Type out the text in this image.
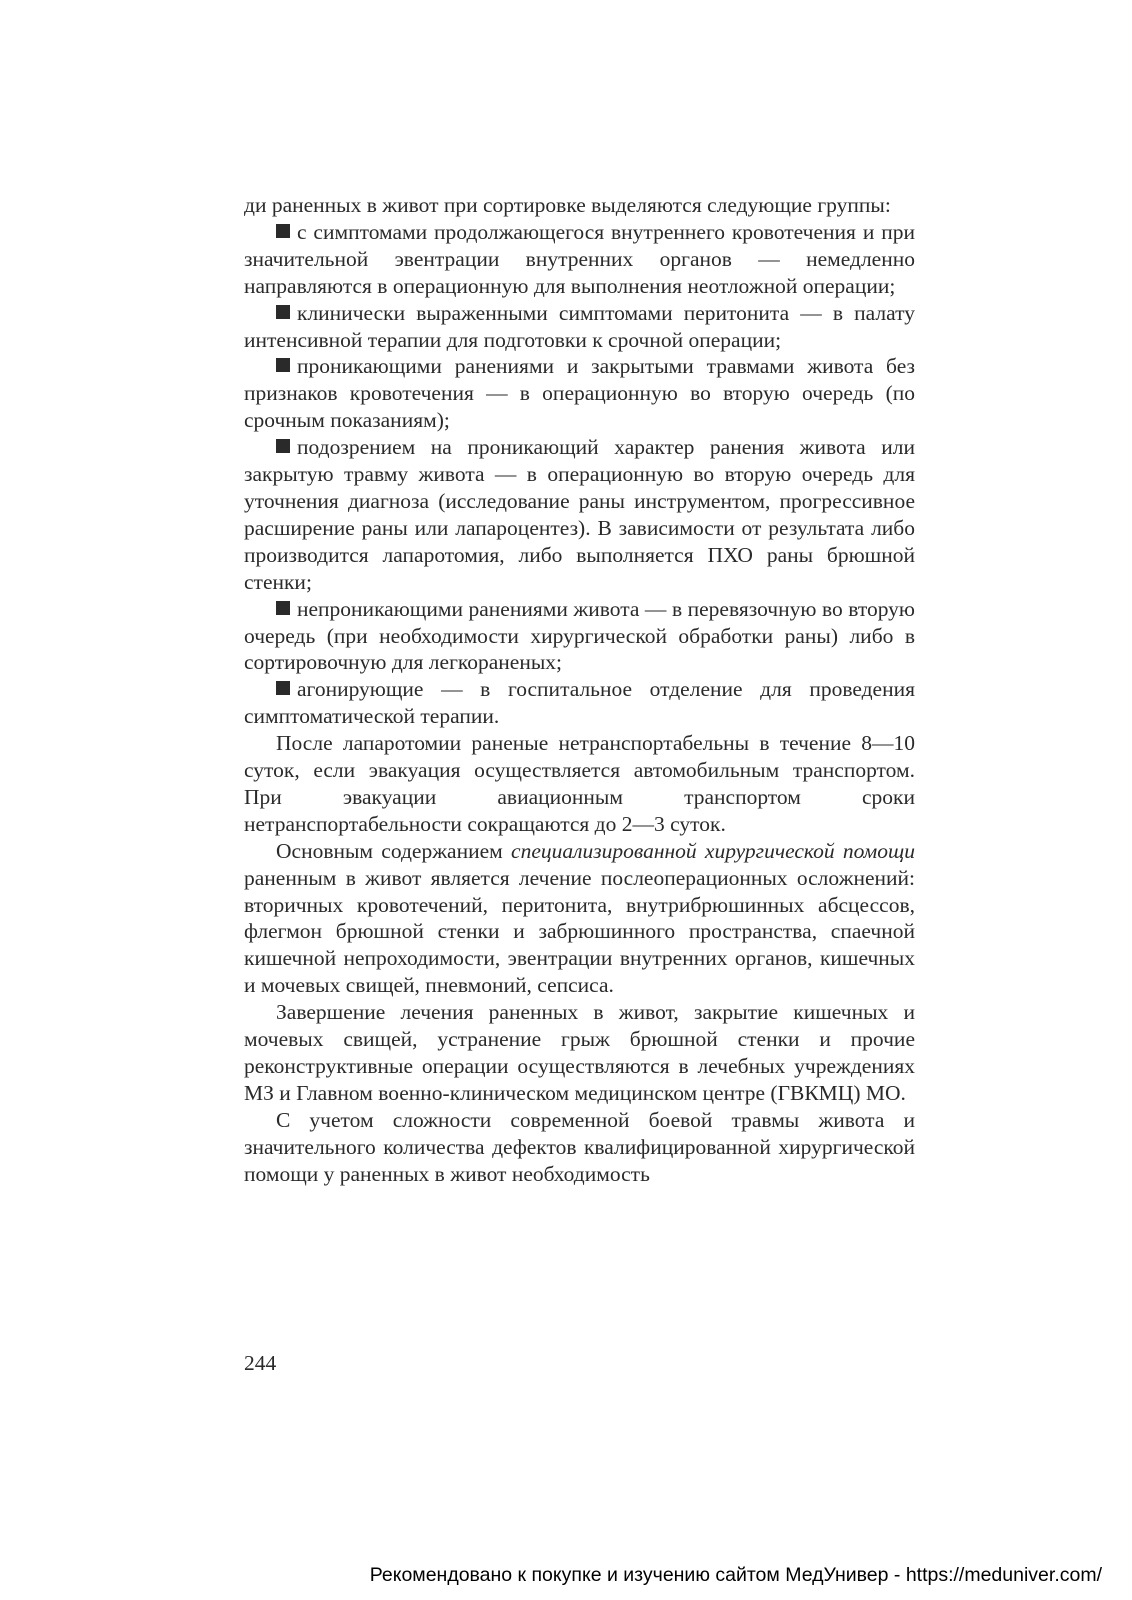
ди раненных в живот при сортировке выделяются следующие группы:

с симптомами продолжающегося внутреннего кровотечения и при значительной эвентрации внутренних органов — немедленно направляются в операционную для выполнения неотложной операции;

клинически выраженными симптомами перитонита — в палату интенсивной терапии для подготовки к срочной операции;

проникающими ранениями и закрытыми травмами живота без признаков кровотечения — в операционную во вторую очередь (по срочным показаниям);

подозрением на проникающий характер ранения живота или закрытую травму живота — в операционную во вторую очередь для уточнения диагноза (исследование раны инструментом, прогрессивное расширение раны или лапароцентез). В зависимости от результата либо производится лапаротомия, либо выполняется ПХО раны брюшной стенки;

непроникающими ранениями живота — в перевязочную во вторую очередь (при необходимости хирургической обработки раны) либо в сортировочную для легкораненых;

агонирующие — в госпитальное отделение для проведения симптоматической терапии.

После лапаротомии раненые нетранспортабельны в течение 8—10 суток, если эвакуация осуществляется автомобильным транспортом. При эвакуации авиационным транспортом сроки нетранспортабельности сокращаются до 2—3 суток.

Основным содержанием специализированной хирургической помощи раненным в живот является лечение послеоперационных осложнений: вторичных кровотечений, перитонита, внутрибрюшинных абсцессов, флегмон брюшной стенки и забрюшинного пространства, спаечной кишечной непроходимости, эвентрации внутренних органов, кишечных и мочевых свищей, пневмоний, сепсиса.

Завершение лечения раненных в живот, закрытие кишечных и мочевых свищей, устранение грыж брюшной стенки и прочие реконструктивные операции осуществляются в лечебных учреждениях МЗ и Главном военно-клиническом медицинском центре (ГВКМЦ) МО.

С учетом сложности современной боевой травмы живота и значительного количества дефектов квалифицированной хирургической помощи у раненных в живот необходимость

244
Рекомендовано к покупке и изучению сайтом МедУнивер - https://meduniver.com/
